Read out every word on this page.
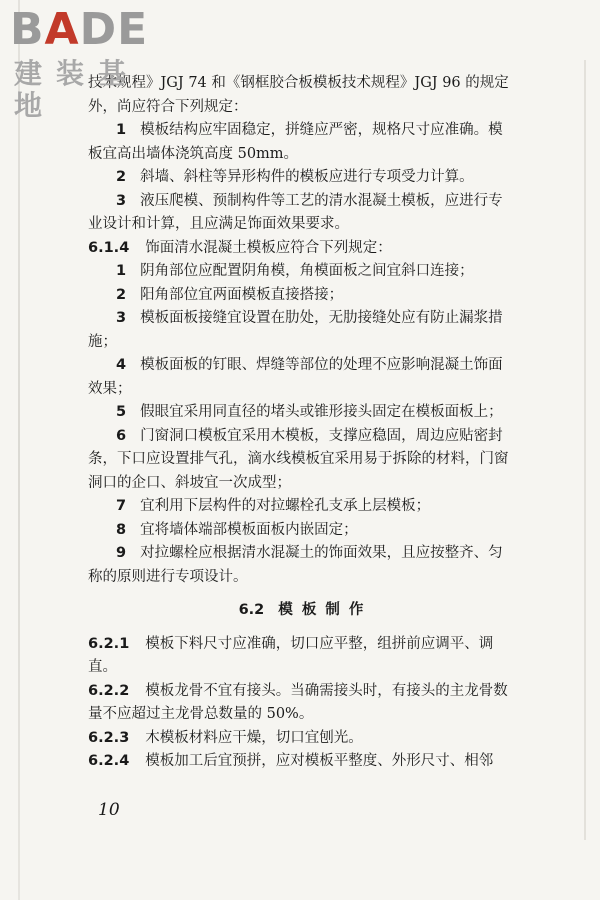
BADE
建装基地

技术规程》JGJ 74 和《钢框胶合板模板技术规程》JGJ 96 的规定外，尚应符合下列规定：

1 模板结构应牢固稳定，拼缝应严密，规格尺寸应准确。模板宜高出墙体浇筑高度 50mm。

2 斜墙、斜柱等异形构件的模板应进行专项受力计算。

3 液压爬模、预制构件等工艺的清水混凝土模板，应进行专业设计和计算，且应满足饰面效果要求。

6.1.4 饰面清水混凝土模板应符合下列规定：

1 阴角部位应配置阴角模，角模面板之间宜斜口连接；

2 阳角部位宜两面模板直接搭接；

3 模板面板接缝宜设置在肋处，无肋接缝处应有防止漏浆措施；

4 模板面板的钉眼、焊缝等部位的处理不应影响混凝土饰面效果；

5 假眼宜采用同直径的堵头或锥形接头固定在模板面板上；

6 门窗洞口模板宜采用木模板，支撑应稳固，周边应贴密封条，下口应设置排气孔，滴水线模板宜采用易于拆除的材料，门窗洞口的企口、斜坡宜一次成型；

7 宜利用下层构件的对拉螺栓孔支承上层模板；

8 宜将墙体端部模板面板内嵌固定；

9 对拉螺栓应根据清水混凝土的饰面效果，且应按整齐、匀称的原则进行专项设计。

6.2 模 板 制 作

6.2.1 模板下料尺寸应准确，切口应平整，组拼前应调平、调直。

6.2.2 模板龙骨不宜有接头。当确需接头时，有接头的主龙骨数量不应超过主龙骨总数量的 50%。

6.2.3 木模板材料应干燥，切口宜刨光。

6.2.4 模板加工后宜预拼，应对模板平整度、外形尺寸、相邻

10
